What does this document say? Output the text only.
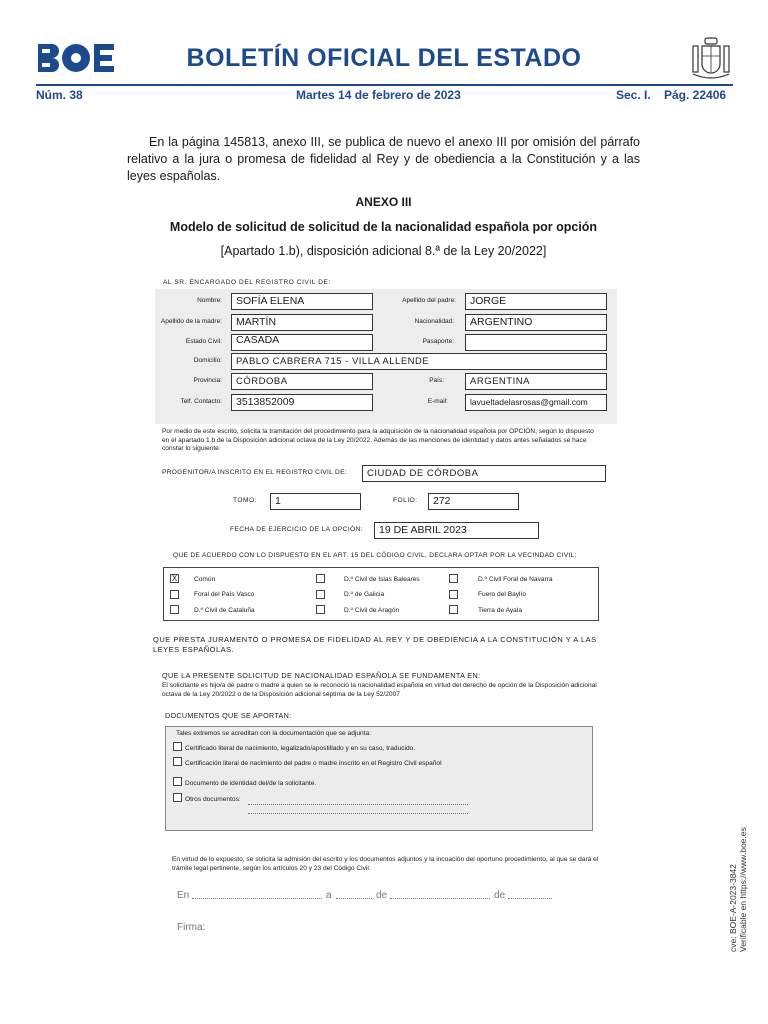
BOLETÍN OFICIAL DEL ESTADO
Núm. 38	Martes 14 de febrero de 2023	Sec. I. Pág. 22406
En la página 145813, anexo III, se publica de nuevo el anexo III por omisión del párrafo relativo a la jura o promesa de fidelidad al Rey y de obediencia a la Constitución y a las leyes españolas.
ANEXO III
Modelo de solicitud de solicitud de la nacionalidad española por opción
[Apartado 1.b), disposición adicional 8.ª de la Ley 20/2022]
AL SR. ENCARGADO DEL REGISTRO CIVIL DE:
Nombre:	SOFÍA ELENA	Apellido del padre:	JORGE
Apellido de la madre:	MARTÍN	Nacionalidad:	ARGENTINO
Estado Civil:	CASADA	Pasaporte:
Domicilio:	PABLO CABRERA 715 - VILLA ALLENDE
Provincia:	CÓRDOBA	País:	ARGENTINA
Telf. Contacto:	3513852009	E-mail:	lavueltadelasrosas@gmail.com
Por medio de este escrito, solicita la tramitación del procedimiento para la adquisición de la nacionalidad española por OPCIÓN, según lo dispuesto en el apartado 1.b de la Disposición adicional octava de la Ley 20/2022. Además de las menciones de identidad y datos antes señalados se hace constar lo siguiente:
PROGENITOR/A INSCRITO EN EL REGISTRO CIVIL DE:	CIUDAD DE CÓRDOBA
TOMO:	1	FOLIO:	272
FECHA DE EJERCICIO DE LA OPCIÓN:	19 DE ABRIL 2023
QUE DE ACUERDO CON LO DISPUESTO EN EL ART. 15 DEL CÓDIGO CIVIL, DECLARA OPTAR POR LA VECINDAD CIVIL:
X	Común	D.º Civil de Islas Baleares	D.º Civil Foral de Navarra
Foral del País Vasco	D.º de Galicia	Fuero del Baylío
D.º Civil de Cataluña	D.º Civil de Aragón	Tierra de Ayala
QUE PRESTA JURAMENTO O PROMESA DE FIDELIDAD AL REY Y DE OBEDIENCIA A LA CONSTITUCIÓN Y A LAS LEYES ESPAÑOLAS.
QUE LA PRESENTE SOLICITUD DE NACIONALIDAD ESPAÑOLA SE FUNDAMENTA EN:
El solicitante es hijo/a de padre o madre a quien se le reconoció la nacionalidad española en virtud del derecho de opción de la Disposición adicional octava de la Ley 20/2022 o de la Disposición adicional séptima de la Ley 52/2007
DOCUMENTOS QUE SE APORTAN:
Tales extremos se acreditan con la documentación que se adjunta:
Certificado literal de nacimiento, legalizado/apostillado y en su caso, traducido.
Certificación literal de nacimiento del padre o madre inscrito en el Registro Civil español
Documento de identidad del/de la solicitante.
Otros documentos:
En virtud de lo expuesto, se solicita la admisión del escrito y los documentos adjuntos y la incoación del oportuno procedimiento, al que se dará el trámite legal pertinente, según los artículos 20 y 23 del Código Civil.
En	a	de	de
Firma:	cve: BOE-A-2023-3842 Verificable en https://www.boe.es
